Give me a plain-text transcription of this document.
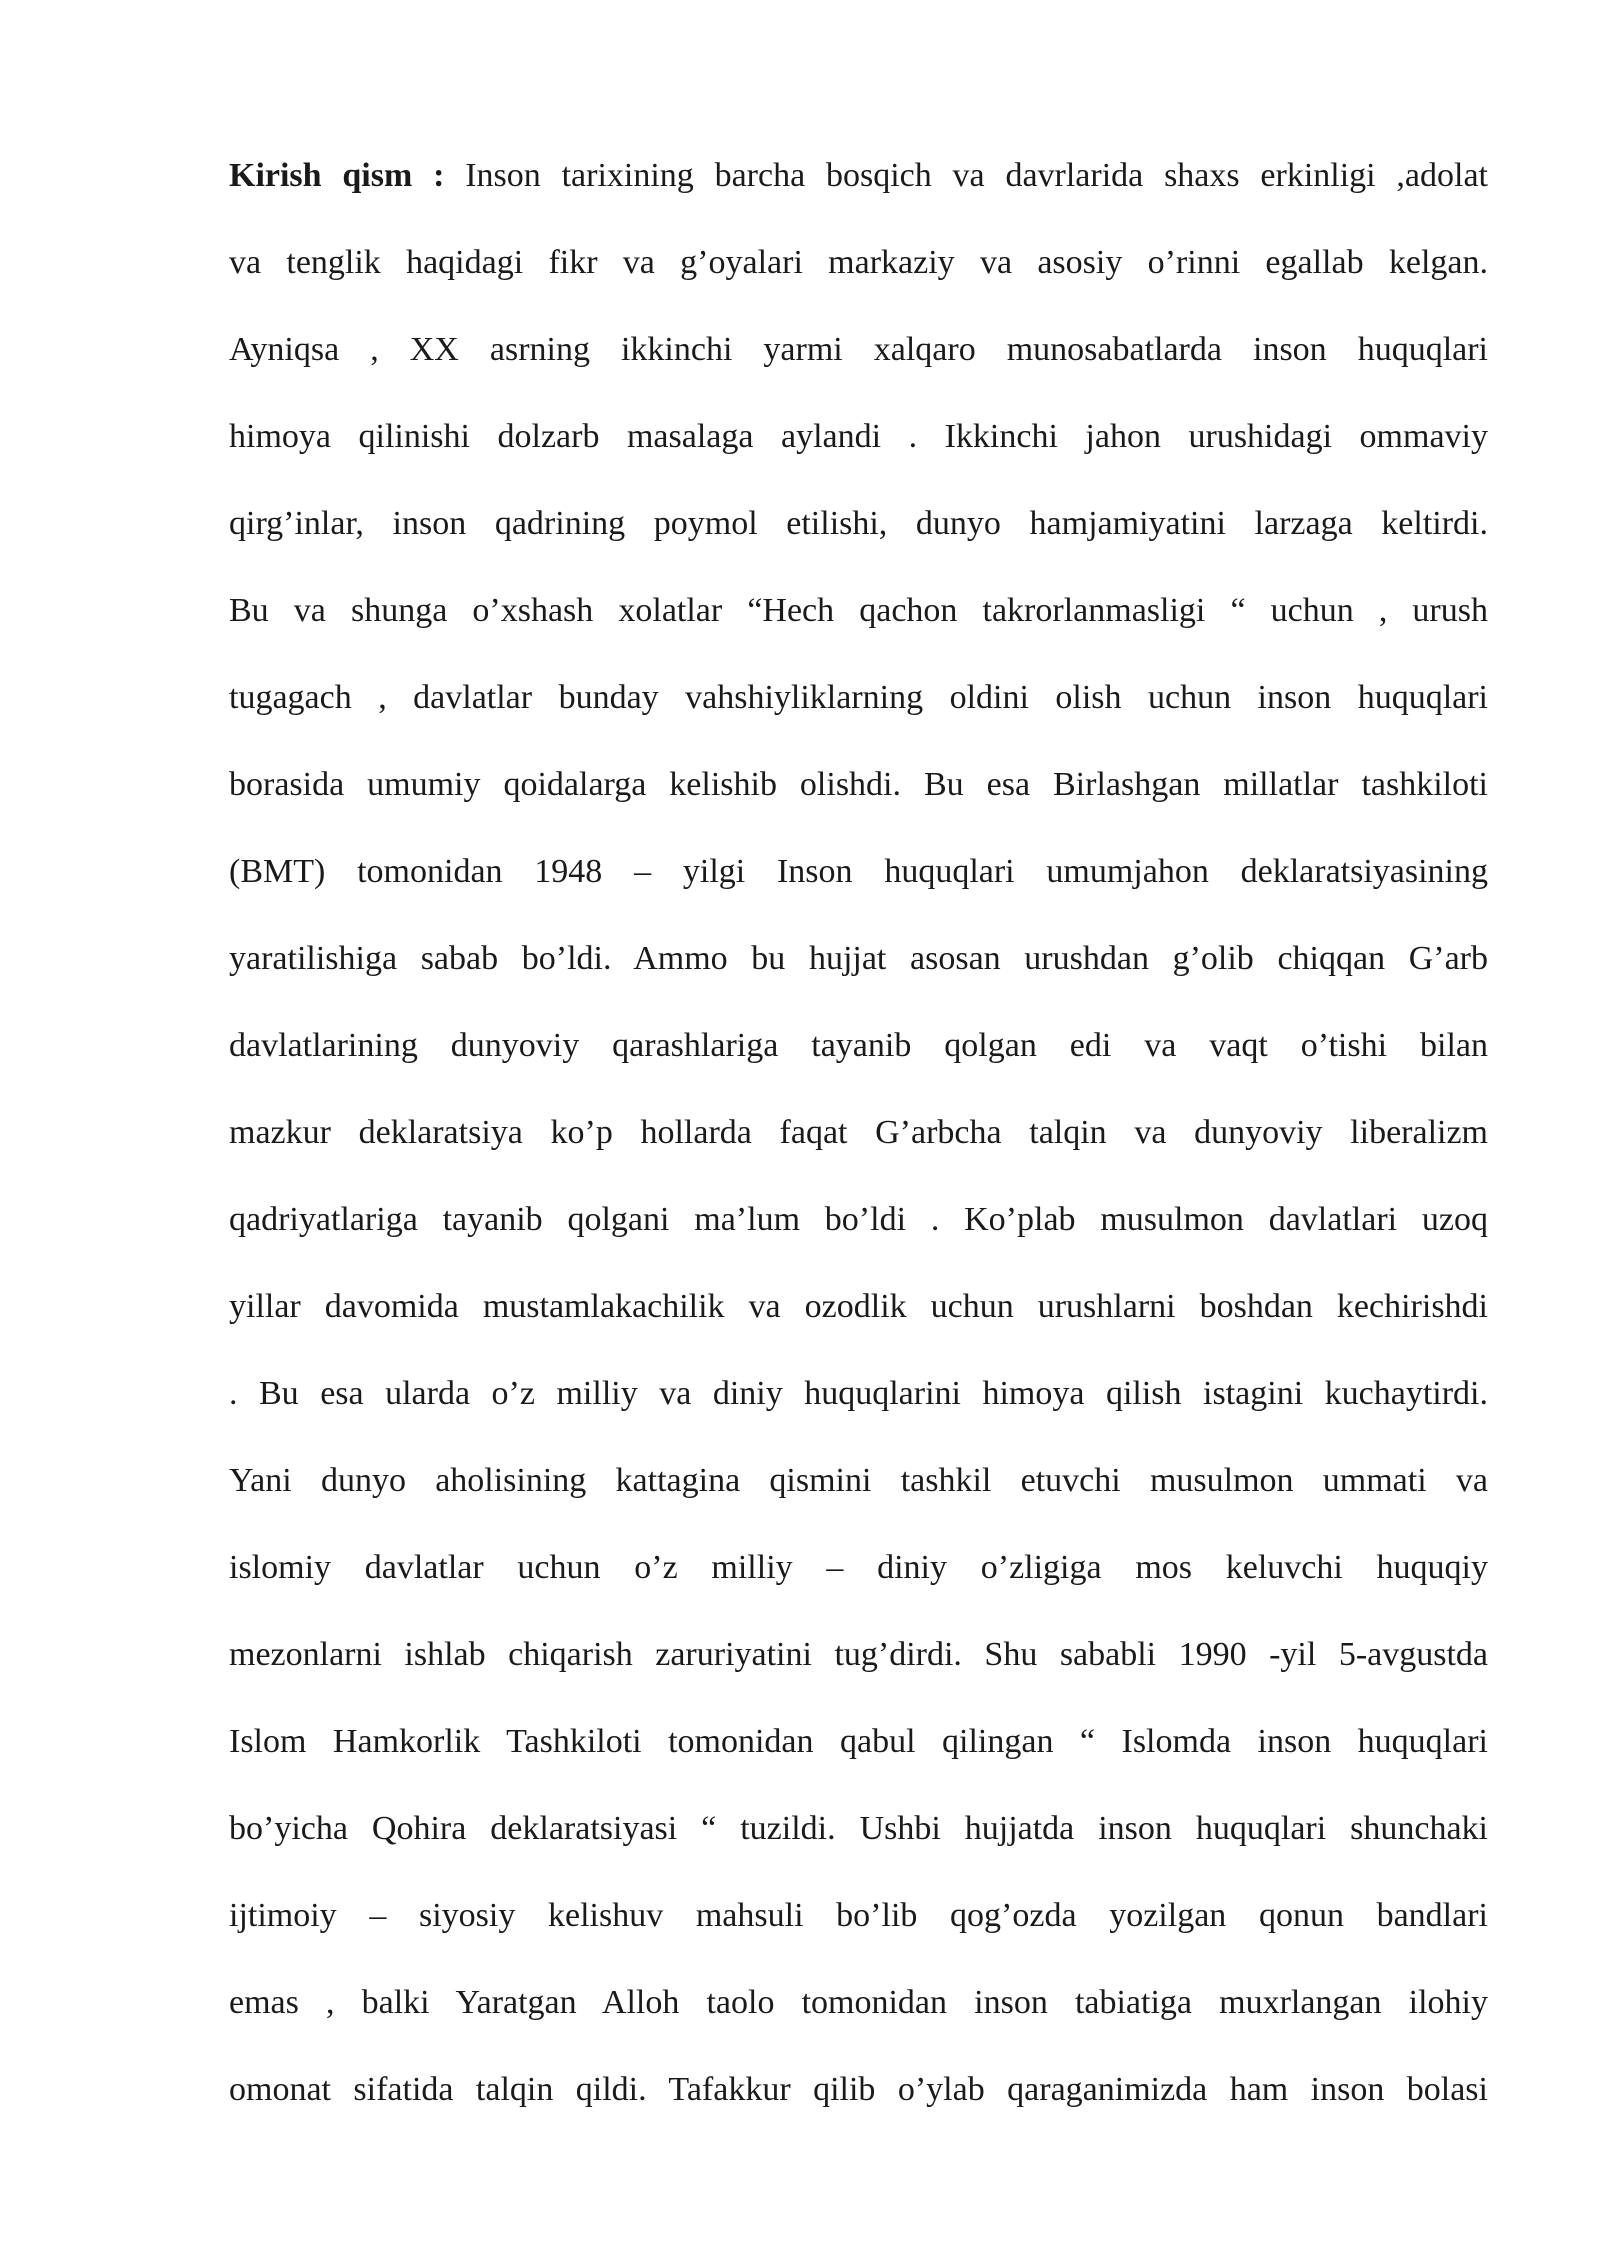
Kirish qism : Inson tarixining barcha bosqich va davrlarida shaxs erkinligi ,adolat
va tenglik haqidagi fikr va g’oyalari markaziy va asosiy o’rinni egallab kelgan.
Ayniqsa , XX asrning ikkinchi yarmi xalqaro munosabatlarda inson huquqlari
himoya qilinishi dolzarb masalaga aylandi . Ikkinchi jahon urushidagi ommaviy
qirg’inlar, inson qadrining poymol etilishi, dunyo hamjamiyatini larzaga keltirdi.
Bu va shunga o’xshash xolatlar “Hech qachon takrorlanmasligi “ uchun , urush
tugagach , davlatlar bunday vahshiyliklarning oldini olish uchun inson huquqlari
borasida umumiy qoidalarga kelishib olishdi. Bu esa Birlashgan millatlar tashkiloti
(BMT) tomonidan 1948 – yilgi Inson huquqlari umumjahon deklaratsiyasining
yaratilishiga sabab bo’ldi. Ammo bu hujjat asosan urushdan g’olib chiqqan G’arb
davlatlarining dunyoviy qarashlariga tayanib qolgan edi va vaqt o’tishi bilan
mazkur deklaratsiya ko’p hollarda faqat G’arbcha talqin va dunyoviy liberalizm
qadriyatlariga tayanib qolgani ma’lum bo’ldi . Ko’plab musulmon davlatlari uzoq
yillar davomida mustamlakachilik va ozodlik uchun urushlarni boshdan kechirishdi
. Bu esa ularda o’z milliy va diniy huquqlarini himoya qilish istagini kuchaytirdi.
Yani dunyo aholisining kattagina qismini tashkil etuvchi musulmon ummati va
islomiy davlatlar uchun o’z milliy – diniy o’zligiga mos keluvchi huquqiy
mezonlarni ishlab chiqarish zaruriyatini tug’dirdi. Shu sababli 1990 -yil 5-avgustda
Islom Hamkorlik Tashkiloti tomonidan qabul qilingan “ Islomda inson huquqlari
bo’yicha Qohira deklaratsiyasi “ tuzildi. Ushbi hujjatda inson huquqlari shunchaki
ijtimoiy – siyosiy kelishuv mahsuli bo’lib qog’ozda yozilgan qonun bandlari
emas , balki Yaratgan Alloh taolo tomonidan inson tabiatiga muxrlangan ilohiy
omonat sifatida talqin qildi. Tafakkur qilib o’ylab qaraganimizda ham inson bolasi
